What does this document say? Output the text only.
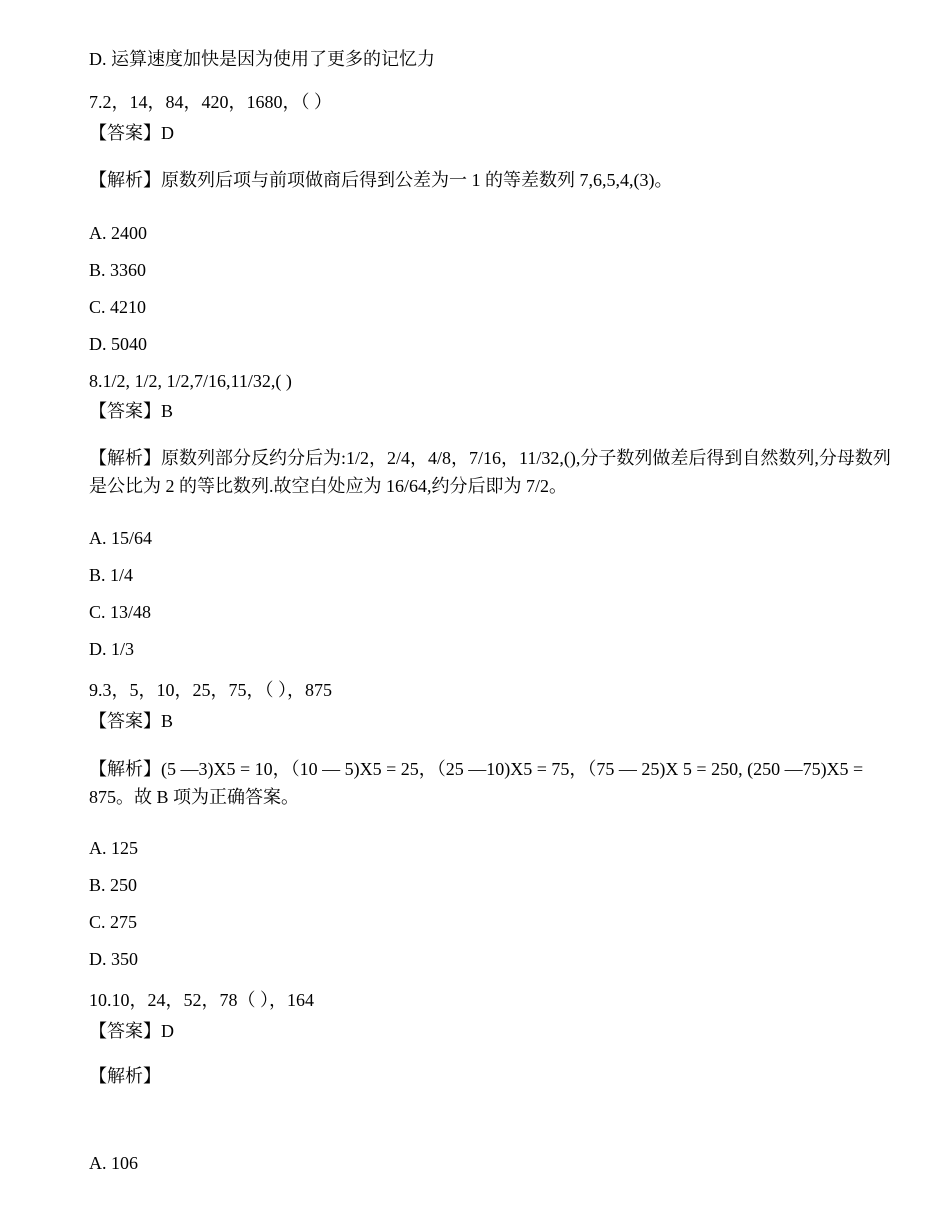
D. 运算速度加快是因为使用了更多的记忆力
7.2，14，84，420，1680，（ ）
【答案】D
【解析】原数列后项与前项做商后得到公差为一 1 的等差数列 7,6,5,4,(3)。
A. 2400
B. 3360
C. 4210
D. 5040
8.1/2, 1/2, 1/2,7/16,11/32,( )
【答案】B
【解析】原数列部分反约分后为:1/2，2/4，4/8，7/16，11/32,(),分子数列做差后得到自然数列,分母数列是公比为 2 的等比数列.故空白处应为 16/64,约分后即为 7/2。
A. 15/64
B. 1/4
C. 13/48
D. 1/3
9.3，5，10，25，75，（ ），875
【答案】B
【解析】(5 —3)X5 = 10，（10 — 5)X5 = 25，（25 —10)X5 = 75，（75 — 25)X 5 = 250, (250 —75)X5 = 875。故 B 项为正确答案。
A. 125
B. 250
C. 275
D. 350
10.10，24，52，78（ ），164
【答案】D
【解析】
A. 106
